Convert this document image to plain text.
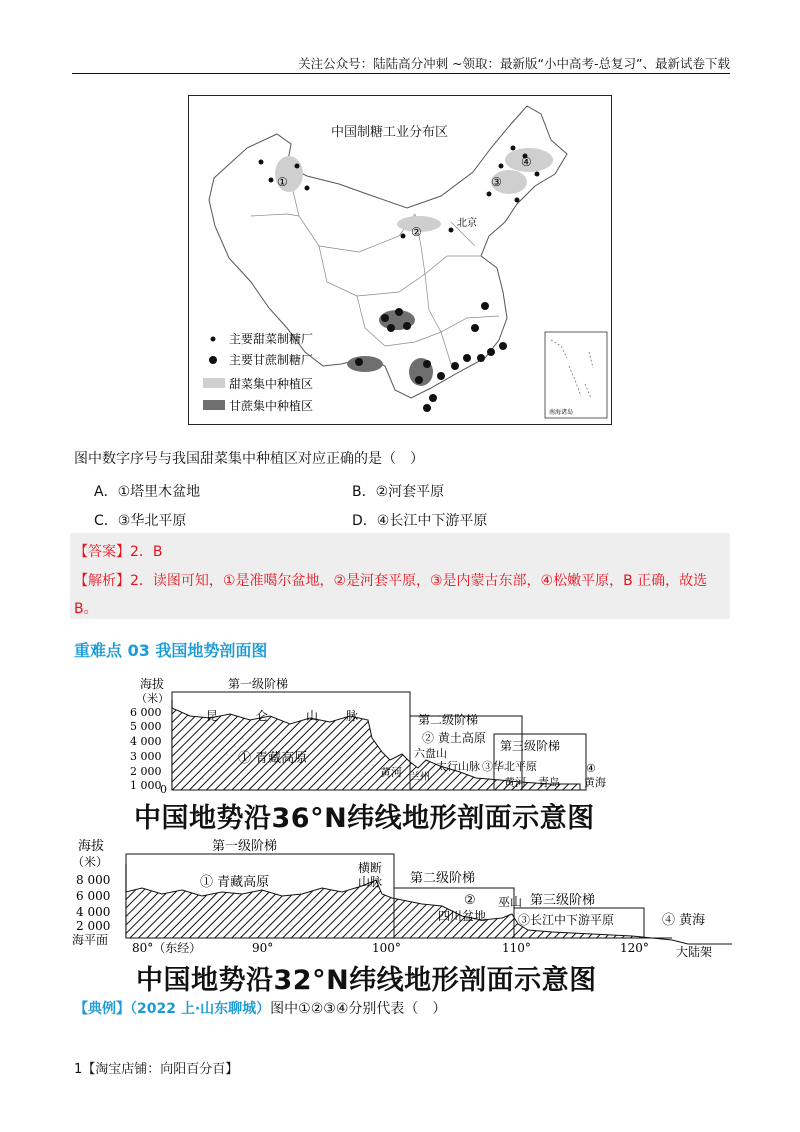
关注公众号：陆陆高分冲刺 ~领取：最新版“小中高考-总复习”、最新试卷下载
中国制糖工业分布区
①
②
③
④
北京
主要甜菜制糖厂
主要甘蔗制糖厂
甜菜集中种植区
甘蔗集中种植区	南海诸岛
图中数字序号与我国甜菜集中种植区对应正确的是（　）
A．①塔里木盆地	B．②河套平原
C．③华北平原	D．④长江中下游平原
【答案】2．B
【解析】2．读图可知，①是准噶尔盆地，②是河套平原，③是内蒙古东部，④松嫩平原，B 正确，故选
B。
重难点 03 我国地势剖面图
海拔
（米）
6 000
5 000
4 000
3 000
2 000
1 000
0
第一级阶梯
昆	仑	山 脉
① 青藏高原
第二级阶梯
② 黄土高原
六盘山
太行山脉 ③华北平原
第三级阶梯
黄河 兰州	黄河 青岛
④
黄海
中国地势沿36°N纬线地形剖面示意图
海拔
（米）
8 000
6 000
4 000
2 000
海平面
第一级阶梯
① 青藏高原
横断
山脉 第二级阶梯
②
四川盆地
巫山 第三级阶梯
③长江中下游平原	④ 黄海
大陆架
80°（东经）	90°	100°	110°	120°
中国地势沿32°N纬线地形剖面示意图
【典例】（2022 上·山东聊城）图中①②③④分别代表（　）
1【淘宝店铺：向阳百分百】
